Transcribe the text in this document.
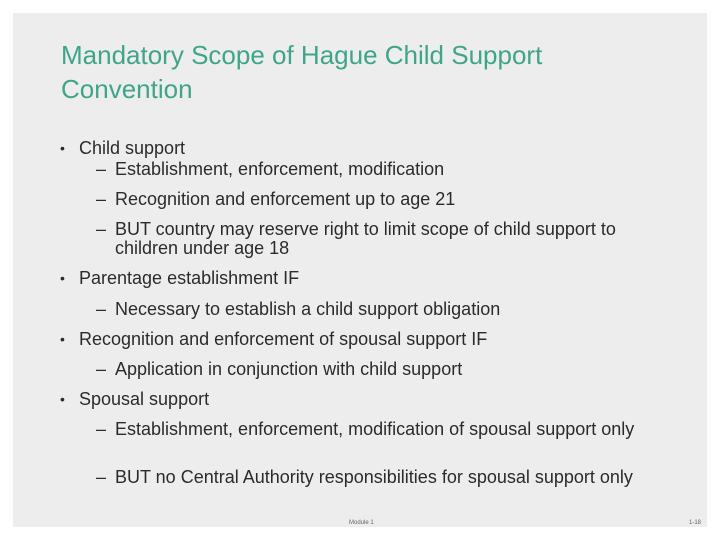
Mandatory Scope of Hague Child Support Convention
• Child support
– Establishment, enforcement, modification
– Recognition and enforcement up to age 21
– BUT country may reserve right to limit scope of child support to children under age 18
• Parentage establishment IF
– Necessary to establish a child support obligation
• Recognition and enforcement of spousal support IF
– Application in conjunction with child support
• Spousal support
– Establishment, enforcement, modification of spousal support only
– BUT no Central Authority responsibilities for spousal support only
Module 1	1-18
